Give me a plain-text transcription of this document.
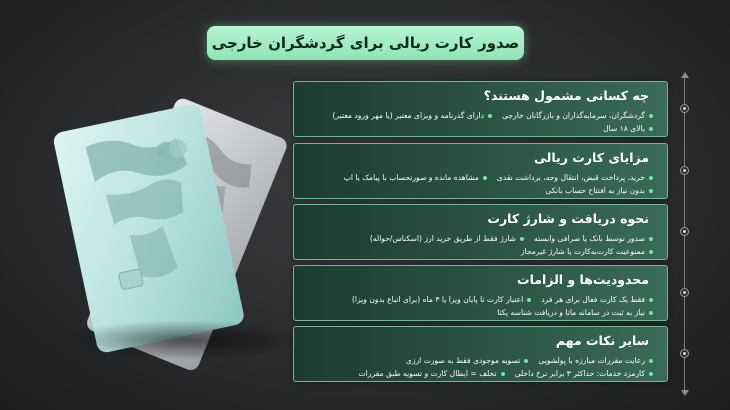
صدور کارت ریالی برای گردشگران خارجی
چه کسانی مشمول هستند؟
گردشگران، سرمایه‌گذاران و بازرگانان خارجی
دارای گذرنامه و ویزای معتبر (یا مهر ورود معتبر)
بالای ۱۸ سال
مزایای کارت ریالی
خرید، پرداخت قبض، انتقال وجه، برداشت نقدی
مشاهده مانده و صورتحساب با پیامک یا اپ
بدون نیاز به افتتاح حساب بانکی
نحوه دریافت و شارژ کارت
صدور توسط بانک یا صرافی وابسته
شارژ فقط از طریق خرید ارز (اسکناس/حواله)
ممنوعیت کارت‌به‌کارت یا شارژ غیرمجاز
محدودیت‌ها و الزامات
فقط یک کارت فعال برای هر فرد
اعتبار کارت تا پایان ویزا یا ۳ ماه (برای اتباع بدون ویزا)
نیاز به ثبت در سامانه ماتا و دریافت شناسه یکتا
سایر نکات مهم
رعایت مقررات مبارزه با پولشویی
تسویه موجودی فقط به صورت ارزی
کارمزد خدمات: حداکثر ۳ برابر نرخ داخلی
تخلف = ابطال کارت و تسویه طبق مقررات
